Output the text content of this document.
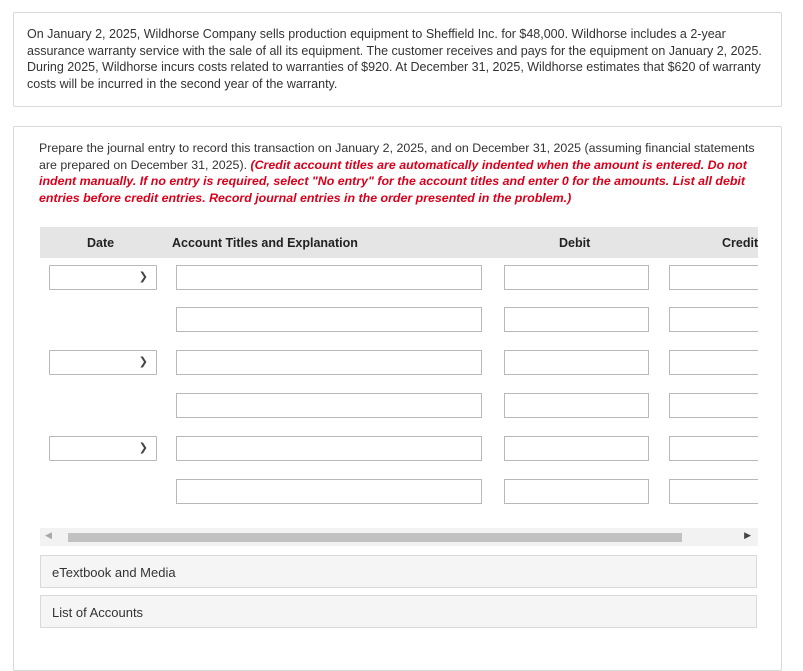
On January 2, 2025, Wildhorse Company sells production equipment to Sheffield Inc. for $48,000. Wildhorse includes a 2-year assurance warranty service with the sale of all its equipment. The customer receives and pays for the equipment on January 2, 2025. During 2025, Wildhorse incurs costs related to warranties of $920. At December 31, 2025, Wildhorse estimates that $620 of warranty costs will be incurred in the second year of the warranty.
Prepare the journal entry to record this transaction on January 2, 2025, and on December 31, 2025 (assuming financial statements are prepared on December 31, 2025). (Credit account titles are automatically indented when the amount is entered. Do not indent manually. If no entry is required, select "No entry" for the account titles and enter 0 for the amounts. List all debit entries before credit entries. Record journal entries in the order presented in the problem.)
Date	Account Titles and Explanation	Debit	Credit
❯
❯
❯
◀	▶
eTextbook and Media
List of Accounts
